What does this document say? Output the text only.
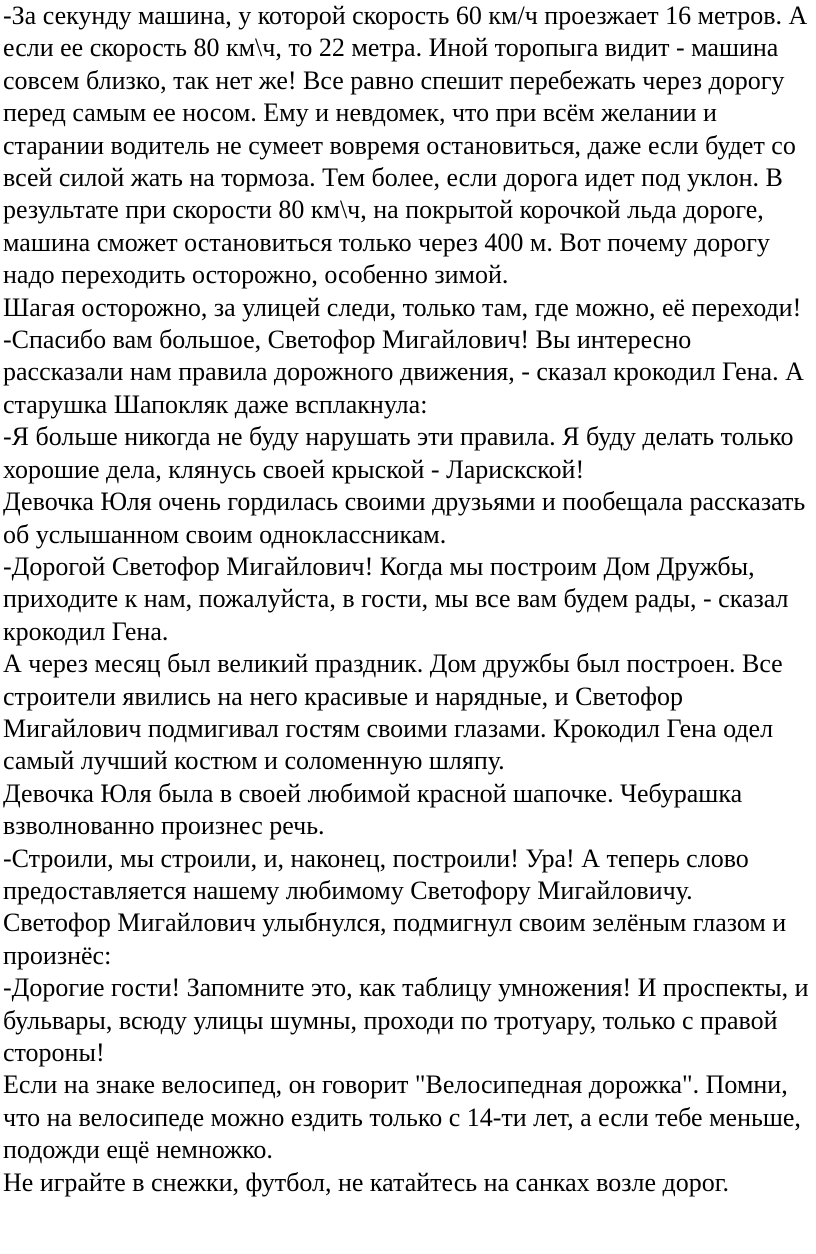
-За секунду машина, у которой скорость 60 км/ч проезжает 16 метров. А если ее скорость 80 км\ч, то 22 метра. Иной торопыга видит - машина совсем близко, так нет же! Все равно спешит перебежать через дорогу перед самым ее носом. Ему и невдомек, что при всём желании и старании водитель не сумеет вовремя остановиться, даже если будет со всей силой жать на тормоза. Тем более, если дорога идет под уклон. В результате при скорости 80 км\ч, на покрытой корочкой льда дороге, машина сможет остановиться только через 400 м. Вот почему дорогу надо переходить осторожно, особенно зимой.

Шагая осторожно, за улицей следи, только там, где можно, её переходи!

-Спасибо вам большое, Светофор Мигайлович! Вы интересно рассказали нам правила дорожного движения, - сказал крокодил Гена. А старушка Шапокляк даже всплакнула:

-Я больше никогда не буду нарушать эти правила. Я буду делать только хорошие дела, клянусь своей крыской - Ларискской!

Девочка Юля очень гордилась своими друзьями и пообещала рассказать об услышанном своим одноклассникам.

-Дорогой Светофор Мигайлович! Когда мы построим Дом Дружбы, приходите к нам, пожалуйста, в гости, мы все вам будем рады, - сказал крокодил Гена.

А через месяц был великий праздник. Дом дружбы был построен. Все строители явились на него красивые и нарядные, и Светофор Мигайлович подмигивал гостям своими глазами. Крокодил Гена одел самый лучший костюм и соломенную шляпу.

Девочка Юля была в своей любимой красной шапочке. Чебурашка взволнованно произнес речь.

-Строили, мы строили, и, наконец, построили! Ура! А теперь слово предоставляется нашему любимому Светофору Мигайловичу.

Светофор Мигайлович улыбнулся, подмигнул своим зелёным глазом и произнёс:

-Дорогие гости! Запомните это, как таблицу умножения! И проспекты, и бульвары, всюду улицы шумны, проходи по тротуару, только с правой стороны!

Если на знаке велосипед, он говорит "Велосипедная дорожка". Помни, что на велосипеде можно ездить только с 14-ти лет, а если тебе меньше, подожди ещё немножко.

Не играйте в снежки, футбол, не катайтесь на санках возле дорог.
